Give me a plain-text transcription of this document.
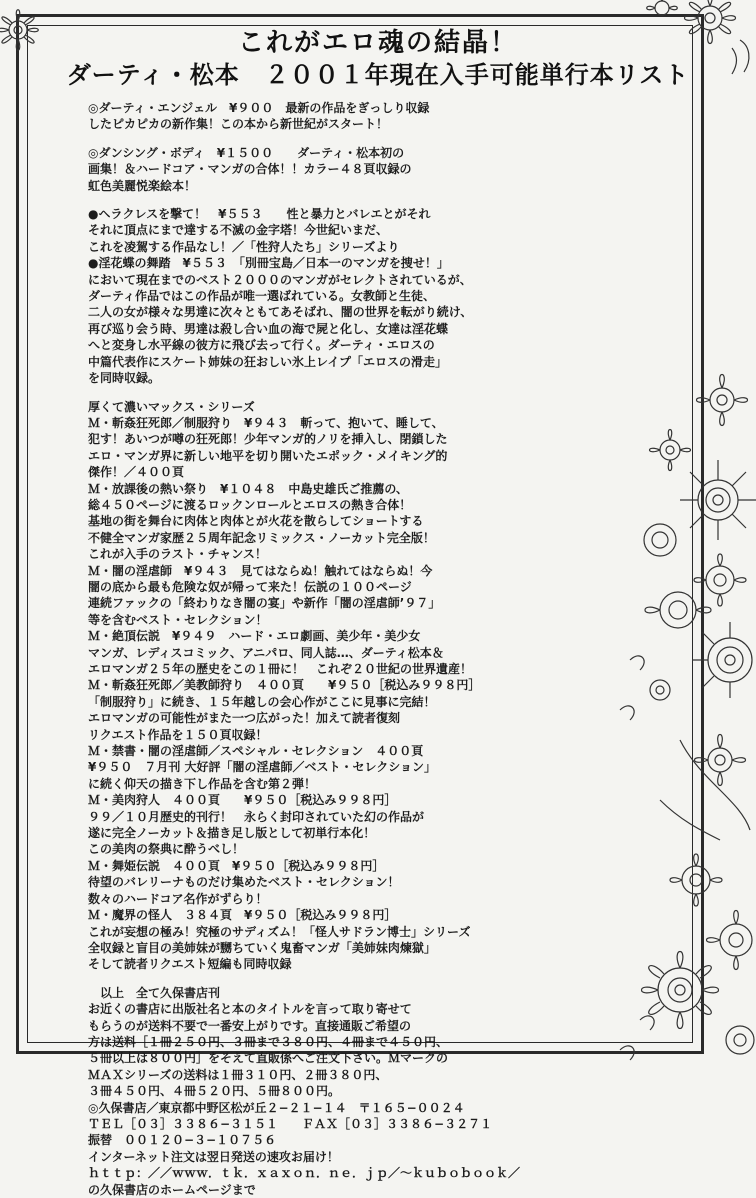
これがエロ魂の結晶！
ダーティ・松本　２００１年現在入手可能単行本リスト
◎ダーティ・エンジェル　¥９００　最新の作品をぎっしり収録
したピカピカの新作集！この本から新世紀がスタート！
◎ダンシング・ボディ　¥１５００　　ダーティ・松本初の
画集！＆ハードコア・マンガの合体！！カラー４８頁収録の
虹色美麗悦楽絵本！
●ヘラクレスを撃て！　¥５５３　　性と暴力とバレエとがそれ
それに頂点にまで達する不滅の金字塔！今世紀いまだ、
これを凌駕する作品なし！／「性狩人たち」シリーズより
●淫花蝶の舞踏　¥５５３　「別冊宝島／日本一のマンガを捜せ！」
において現在までのベスト２０００のマンガがセレクトされているが、
ダーティ作品ではこの作品が唯一選ばれている。女教師と生徒、
二人の女が様々な男達に次々ともてあそばれ、闇の世界を転がり続け、
再び巡り会う時、男達は殺し合い血の海で屍と化し、女達は淫花蝶
へと変身し水平線の彼方に飛び去って行く。ダーティ・エロスの
中篇代表作にスケート姉妹の狂おしい氷上レイプ「エロスの滑走」
を同時収録。
厚くて濃いマックス・シリーズ
Ｍ・斬姦狂死郎／制服狩り　¥９４３　斬って、抱いて、睡して、
犯す！あいつが噂の狂死郎！少年マンガ的ノリを挿入し、閉鎖した
エロ・マンガ界に新しい地平を切り開いたエポック・メイキング的
傑作！／４００頁
Ｍ・放課後の熱い祭り　¥１０４８　中島史雄氏ご推薦の、
総４５０ページに渡るロックンロールとエロスの熱き合体！
基地の街を舞台に肉体と肉体とが火花を散らしてショートする
不健全マンガ家歴２５周年記念リミックス・ノーカット完全版！
これが入手のラスト・チャンス！
Ｍ・闇の淫虐師　¥９４３　見てはならぬ！触れてはならぬ！今
闇の底から最も危険な奴が帰って来た！伝説の１００ページ
連続ファックの「終わりなき闇の宴」や新作「闇の淫虐師’９７」
等を含むベスト・セレクション！
Ｍ・絶頂伝説　¥９４９　ハード・エロ劇画、美少年・美少女
マンガ、レディスコミック、アニパロ、同人誌…、ダーティ松本＆
エロマンガ２５年の歴史をこの１冊に！　これぞ２０世紀の世界遺産！
Ｍ・斬姦狂死郎／美教師狩り　４００頁　　¥９５０［税込み９９８円］
「制服狩り」に続き、１５年越しの会心作がここに見事に完結！
エロマンガの可能性がまた一つ広がった！加えて読者復刻
リクエスト作品を１５０頁収録！
Ｍ・禁書・闇の淫虐師／スペシャル・セレクション　４００頁
¥９５０　７月刊 大好評「闇の淫虐師／ベスト・セレクション」
に続く仰天の描き下し作品を含む第２弾！
Ｍ・美肉狩人　４００頁　　¥９５０［税込み９９８円］
９９／１０月歴史的刊行！　永らく封印されていた幻の作品が
遂に完全ノーカット＆描き足し版として初単行本化！
この美肉の祭典に酔うべし！
Ｍ・舞姫伝説　４００頁　¥９５０［税込み９９８円］
待望のバレリーナものだけ集めたベスト・セレクション！
数々のハードコア名作がずらり！
Ｍ・魔界の怪人　３８４頁　¥９５０［税込み９９８円］
これが妄想の極み！究極のサディズム！「怪人サドラン博士」シリーズ
全収録と盲目の美姉妹が嬲ちていく鬼畜マンガ「美姉妹肉煉獄」
そして読者リクエスト短編も同時収録
　以上　全て久保書店刊
お近くの書店に出版社名と本のタイトルを言って取り寄せて
もらうのが送料不要で一番安上がりです。直接通販ご希望の
方は送料［１冊２５０円、３冊まで３８０円、４冊まで４５０円、
５冊以上は８００円］をそえて直販係へご注文下さい。Ｍマークの
ＭＡＸシリーズの送料は１冊３１０円、２冊３８０円、
３冊４５０円、４冊５２０円、５冊８００円。
◎久保書店／東京都中野区松が丘２−２１−１４　〒１６５−００２４
ＴＥＬ［０３］３３８６−３１５１　　ＦＡＸ［０３］３３８６−３２７１
振替　００１２０−３−１０７５６
インターネット注文は翌日発送の速攻お届け！
ｈｔｔｐ：／／ｗｗｗ．ｔｋ．ｘａｘｏｎ．ｎｅ．ｊｐ／〜ｋｕｂｏｂｏｏｋ／
の久保書店のホームページまで
